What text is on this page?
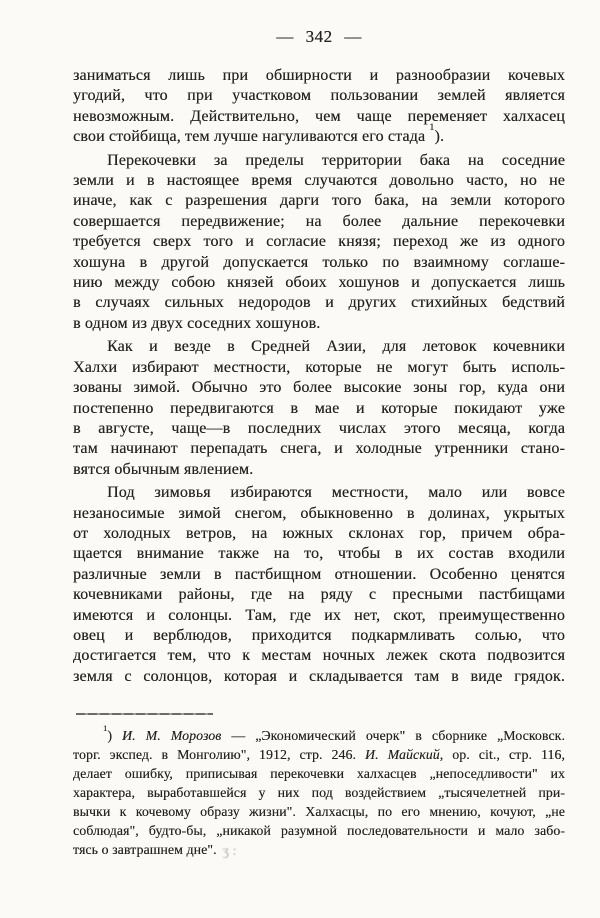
— 342 —
заниматься лишь при обширности и разнообразии кочевых
угодий, что при участковом пользовании землей является
невозможным. Действительно, чем чаще переменяет халхасец
свои стойбища, тем лучше нагуливаются его стада $^1$).
Перекочевки за пределы территории бака на соседние
земли и в настоящее время случаются довольно часто, но не
иначе, как с разрешения дарги того бака, на земли которого
совершается передвижение; на более дальние перекочевки
требуется сверх того и согласие князя; переход же из одного
хошуна в другой допускается только по взаимному соглаше-
нию между собою князей обоих хошунов и допускается лишь
в случаях сильных недородов и других стихийных бедствий
в одном из двух соседних хошунов.
Как и везде в Средней Азии, для летовок кочевники
Халхи избирают местности, которые не могут быть исполь-
зованы зимой. Обычно это более высокие зоны гор, куда они
постепенно передвигаются в мае и которые покидают уже
в августе, чаще—в последних числах этого месяца, когда
там начинают перепадать снега, и холодные утренники стано-
вятся обычным явлением.
Под зимовья избираются местности, мало или вовсе
незаносимые зимой снегом, обыкновенно в долинах, укрытых
от холодных ветров, на южных склонах гор, причем обра-
щается внимание также на то, чтобы в их состав входили
различные земли в пастбищном отношении. Особенно ценятся
кочевниками районы, где на ряду с пресными пастбищами
имеются и солонцы. Там, где их нет, скот, преимущественно
овец и верблюдов, приходится подкармливать солью, что
достигается тем, что к местам ночных лежек скота подвозится
земля с солонцов, которая и складывается там в виде грядок.
$^1$) И. М. Морозов — „Экономический очерк" в сборнике „Московск.
торг. экспед. в Монголию", 1912, стр. 246. И. Майский, op. cit., стр. 116,
делает ошибку, приписывая перекочевки халхасцев „непоседливости" их
характера, выработавшейся у них под воздействием „тысячелетней при-
вычки к кочевому образу жизни". Халхасцы, по его мнению, кочуют, „не
соблюдая", будто-бы, „никакой разумной последовательности и мало забо-
тясь о завтрашнем дне". ӡ :
